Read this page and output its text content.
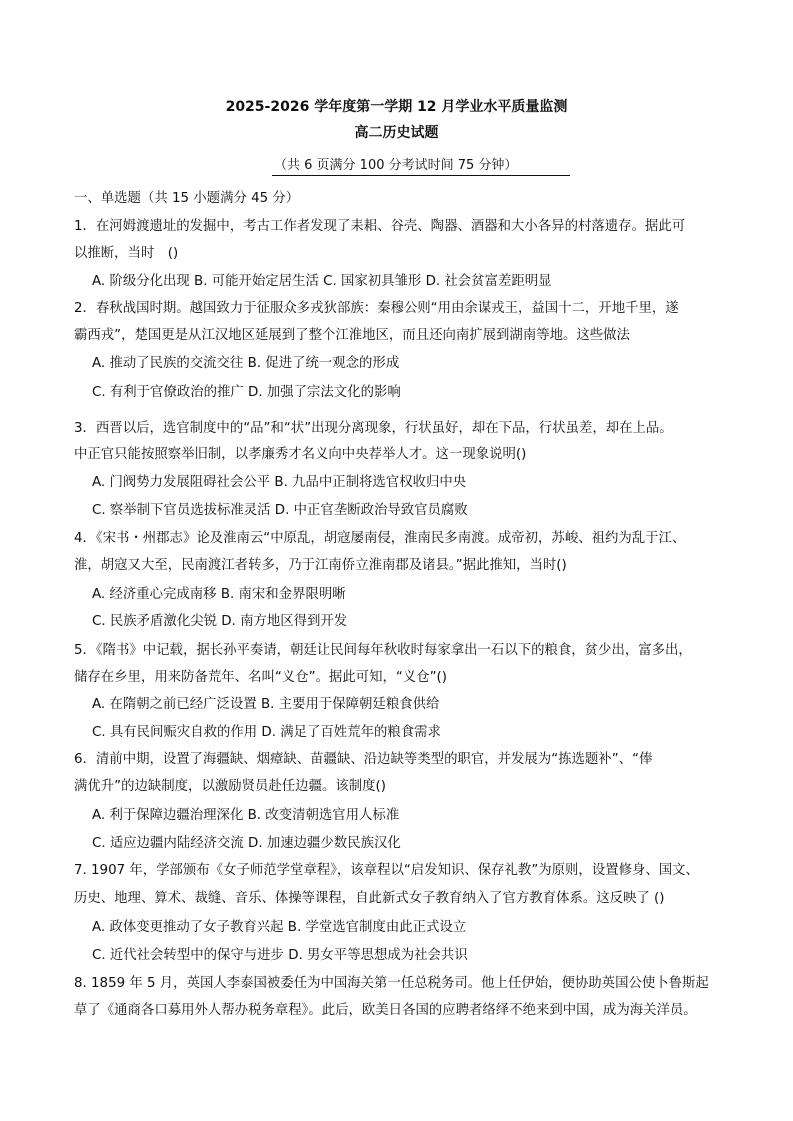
2025-2026 学年度第一学期 12 月学业水平质量监测
高二历史试题
（共 6 页满分 100 分考试时间 75 分钟）
一、单选题（共 15 小题满分 45 分）
1．在河姆渡遗址的发掘中，考古工作者发现了耒耜、谷壳、陶器、酒器和大小各异的村落遗存。据此可
以推断，当时　()
A. 阶级分化出现 B. 可能开始定居生活 C. 国家初具雏形 D. 社会贫富差距明显
2．春秋战国时期。越国致力于征服众多戎狄部族：秦穆公则“用由余谋戎王，益国十二，开地千里，遂
霸西戎”，楚国更是从江汉地区延展到了整个江淮地区，而且还向南扩展到湖南等地。这些做法
A. 推动了民族的交流交往 B. 促进了统一观念的形成
C. 有利于官僚政治的推广 D. 加强了宗法文化的影响
3．西晋以后，选官制度中的“品”和“状”出现分离现象，行状虽好，却在下品，行状虽差，却在上品。
中正官只能按照察举旧制，以孝廉秀才名义向中央荐举人才。这一现象说明()
A. 门阀势力发展阻碍社会公平 B. 九品中正制将选官权收归中央
C. 察举制下官员选拔标准灵活 D. 中正官垄断政治导致官员腐败
4．《宋书・州郡志》论及淮南云“中原乱，胡寇屡南侵，淮南民多南渡。成帝初，苏峻、祖约为乱于江、
淮，胡寇又大至，民南渡江者转多，乃于江南侨立淮南郡及诸县。”据此推知，当时()
A. 经济重心完成南移 B. 南宋和金界限明晰
C. 民族矛盾激化尖锐 D. 南方地区得到开发
5．《隋书》中记载，据长孙平奏请，朝廷让民间每年秋收时每家拿出一石以下的粮食，贫少出，富多出，
储存在乡里，用来防备荒年、名叫“义仓”。据此可知，“义仓”()
A. 在隋朝之前已经广泛设置 B. 主要用于保障朝廷粮食供给
C. 具有民间赈灾自救的作用 D. 满足了百姓荒年的粮食需求
6．清前中期，设置了海疆缺、烟瘴缺、苗疆缺、沿边缺等类型的职官，并发展为“拣选题补”、“俸
满优升”的边缺制度，以激励贤员赴任边疆。该制度()
A. 利于保障边疆治理深化 B. 改变清朝选官用人标准
C. 适应边疆内陆经济交流 D. 加速边疆少数民族汉化
7. 1907 年，学部颁布《女子师范学堂章程》，该章程以“启发知识、保存礼教”为原则，设置修身、国文、
历史、地理、算术、裁缝、音乐、体操等课程，自此新式女子教育纳入了官方教育体系。这反映了 ()
A. 政体变更推动了女子教育兴起 B. 学堂选官制度由此正式设立
C. 近代社会转型中的保守与进步 D. 男女平等思想成为社会共识
8. 1859 年 5 月，英国人李泰国被委任为中国海关第一任总税务司。他上任伊始，便协助英国公使卜鲁斯起
草了《通商各口募用外人帮办税务章程》。此后，欧美日各国的应聘者络绎不绝来到中国，成为海关洋员。
